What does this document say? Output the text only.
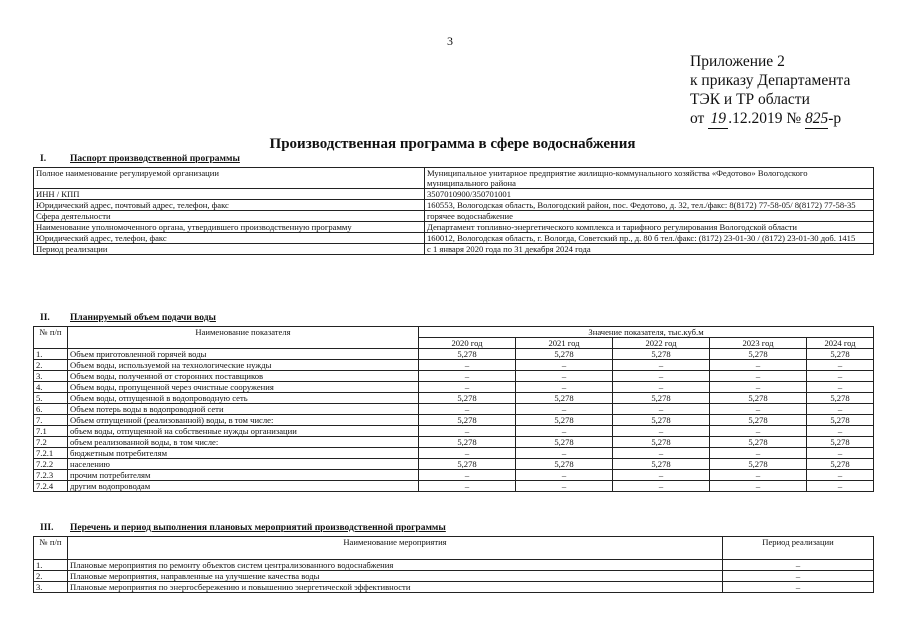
3
Приложение 2
к приказу Департамента
ТЭК и ТР области
от 19 .12.2019 № 825-р
Производственная программа в сфере водоснабжения
I.	Паспорт производственной программы
Полное наименование регулируемой организации	Муниципальное унитарное предприятие жилищно-коммунального хозяйства «Федотово» Вологодского муниципального района
ИНН / КПП	3507010900/350701001
Юридический адрес, почтовый адрес, телефон, факс	160553, Вологодская область, Вологодский район, пос. Федотово, д. 32, тел./факс: 8(8172) 77-58-05/ 8(8172) 77-58-35
Сфера деятельности	горячее водоснабжение
Наименование уполномоченного органа, утвердившего производственную программу	Департамент топливно-энергетического комплекса и тарифного регулирования Вологодской области
Юридический адрес, телефон, факс	160012, Вологодская область, г. Вологда, Советский пр., д. 80 б тел./факс: (8172) 23-01-30 / (8172) 23-01-30 доб. 1415
Период реализации	с 1 января 2020 года по 31 декабря 2024 года
II. Планируемый объем подачи воды
№ п/п	Наименование показателя	Значение показателя, тыс.куб.м				
		2020 год	2021 год	2022 год	2023 год	2024 год
1.	Объем приготовленной горячей воды	5,278	5,278	5,278	5,278	5,278
2.	Объем воды, используемой на технологические нужды	–	–	–	–	–
3.	Объем воды, полученной от сторонних поставщиков	–	–	–	–	–
4.	Объем воды, пропущенной через очистные сооружения	–	–	–	–	–
5.	Объем воды, отпущенной в водопроводную сеть	5,278	5,278	5,278	5,278	5,278
6.	Объем потерь воды в водопроводной сети	–	–	–	–	–
7.	Объем отпущенной (реализованной) воды, в том числе:	5,278	5,278	5,278	5,278	5,278
7.1	объем воды, отпущенной на собственные нужды организации	–	–	–	–	–
7.2	объем реализованной воды, в том числе:	5,278	5,278	5,278	5,278	5,278
7.2.1	бюджетным потребителям	–	–	–	–	–
7.2.2	населению	5,278	5,278	5,278	5,278	5,278
7.2.3	прочим потребителям	–	–	–	–	–
7.2.4	другим водопроводам	–	–	–	–	–
III. Перечень и период выполнения плановых мероприятий производственной программы
№ п/п	Наименование мероприятия	Период реализации
1.	Плановые мероприятия по ремонту объектов систем централизованного водоснабжения	–
2.	Плановые мероприятия, направленные на улучшение качества воды	–
3.	Плановые мероприятия по энергосбережению и повышению энергетической эффективности	–
